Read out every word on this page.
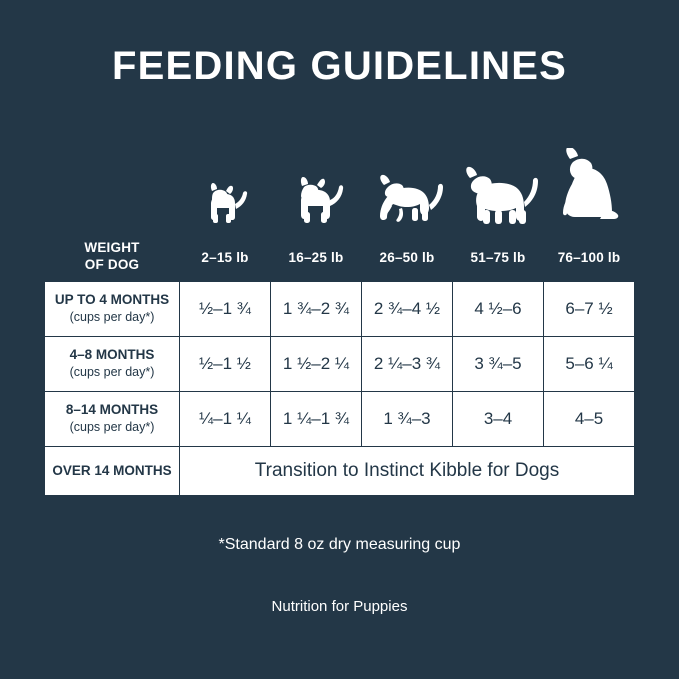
FEEDING GUIDELINES
WEIGHT
OF DOG	2–15 lb	16–25 lb	26–50 lb	51–75 lb	76–100 lb
UP TO 4 MONTHS
(cups per day*)	½–1 ¾	1 ¾–2 ¾	2 ¾–4 ½	4 ½–6	6–7 ½
4–8 MONTHS
(cups per day*)	½–1 ½	1 ½–2 ¼	2 ¼–3 ¾	3 ¾–5	5–6 ¼
8–14 MONTHS
(cups per day*)	¼–1 ¼	1 ¼–1 ¾	1 ¾–3	3–4	4–5
OVER 14 MONTHS	Transition to Instinct Kibble for Dogs				
*Standard 8 oz dry measuring cup
Nutrition for Puppies
